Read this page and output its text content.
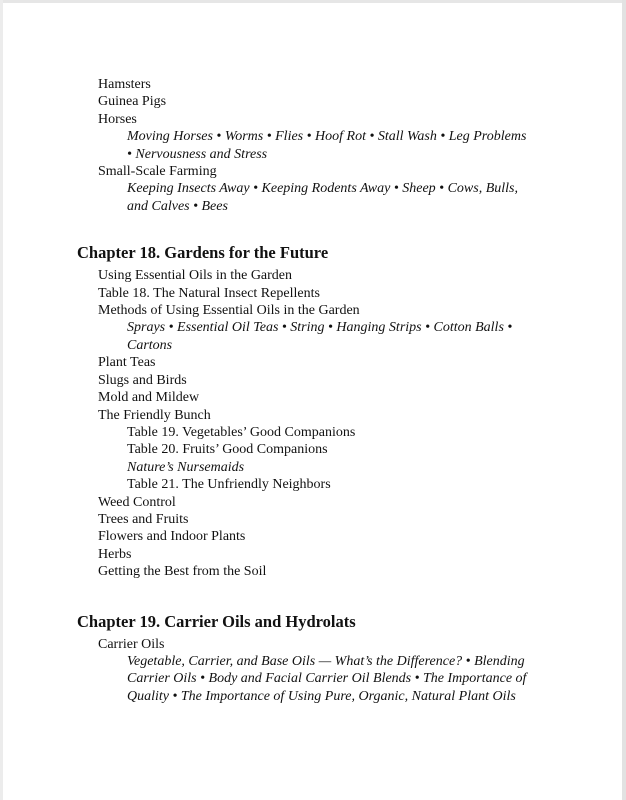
Hamsters
Guinea Pigs
Horses
Moving Horses • Worms • Flies • Hoof Rot • Stall Wash • Leg Problems
• Nervousness and Stress
Small-Scale Farming
Keeping Insects Away • Keeping Rodents Away • Sheep • Cows, Bulls,
and Calves • Bees
Chapter 18. Gardens for the Future
Using Essential Oils in the Garden
Table 18. The Natural Insect Repellents
Methods of Using Essential Oils in the Garden
Sprays • Essential Oil Teas • String • Hanging Strips • Cotton Balls •
Cartons
Plant Teas
Slugs and Birds
Mold and Mildew
The Friendly Bunch
Table 19. Vegetables’ Good Companions
Table 20. Fruits’ Good Companions
Nature’s Nursemaids
Table 21. The Unfriendly Neighbors
Weed Control
Trees and Fruits
Flowers and Indoor Plants
Herbs
Getting the Best from the Soil
Chapter 19. Carrier Oils and Hydrolats
Carrier Oils
Vegetable, Carrier, and Base Oils — What’s the Difference? • Blending
Carrier Oils • Body and Facial Carrier Oil Blends • The Importance of
Quality • The Importance of Using Pure, Organic, Natural Plant Oils
